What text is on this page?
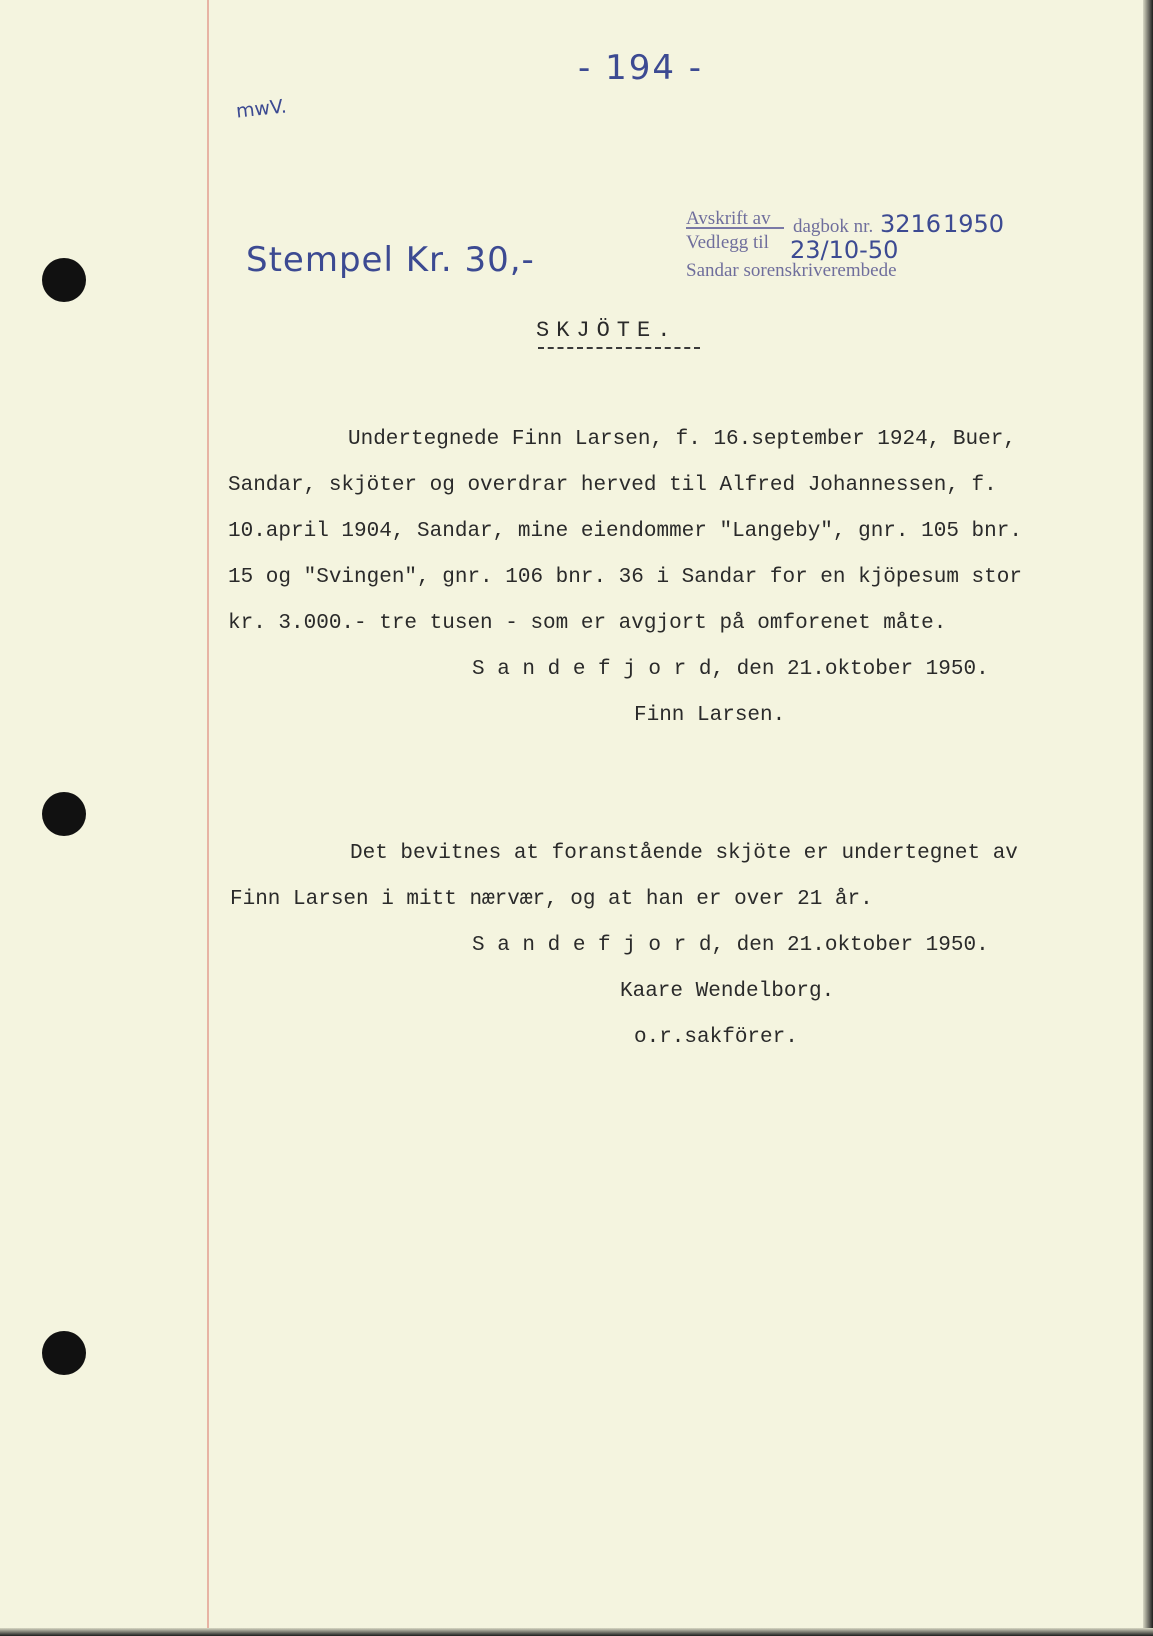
- 194 -
mwV.
Stempel Kr. 30,-
Avskrift av dagbok nr. 3216 1950
Vedlegg til 23/10-50
Sandar sorenskriverembede
SKJÖTE.
Undertegnede Finn Larsen, f. 16.september 1924, Buer,
Sandar, skjöter og overdrar herved til Alfred Johannessen, f.
10.april 1904, Sandar, mine eiendommer "Langeby", gnr. 105 bnr.
15 og "Svingen", gnr. 106 bnr. 36 i Sandar for en kjöpesum stor
kr. 3.000.- tre tusen - som er avgjort på omforenet måte.
S a n d e f j o r d, den 21.oktober 1950.
Finn Larsen.
Det bevitnes at foranstående skjöte er undertegnet av
Finn Larsen i mitt nærvær, og at han er over 21 år.
S a n d e f j o r d, den 21.oktober 1950.
Kaare Wendelborg.
o.r.sakförer.
